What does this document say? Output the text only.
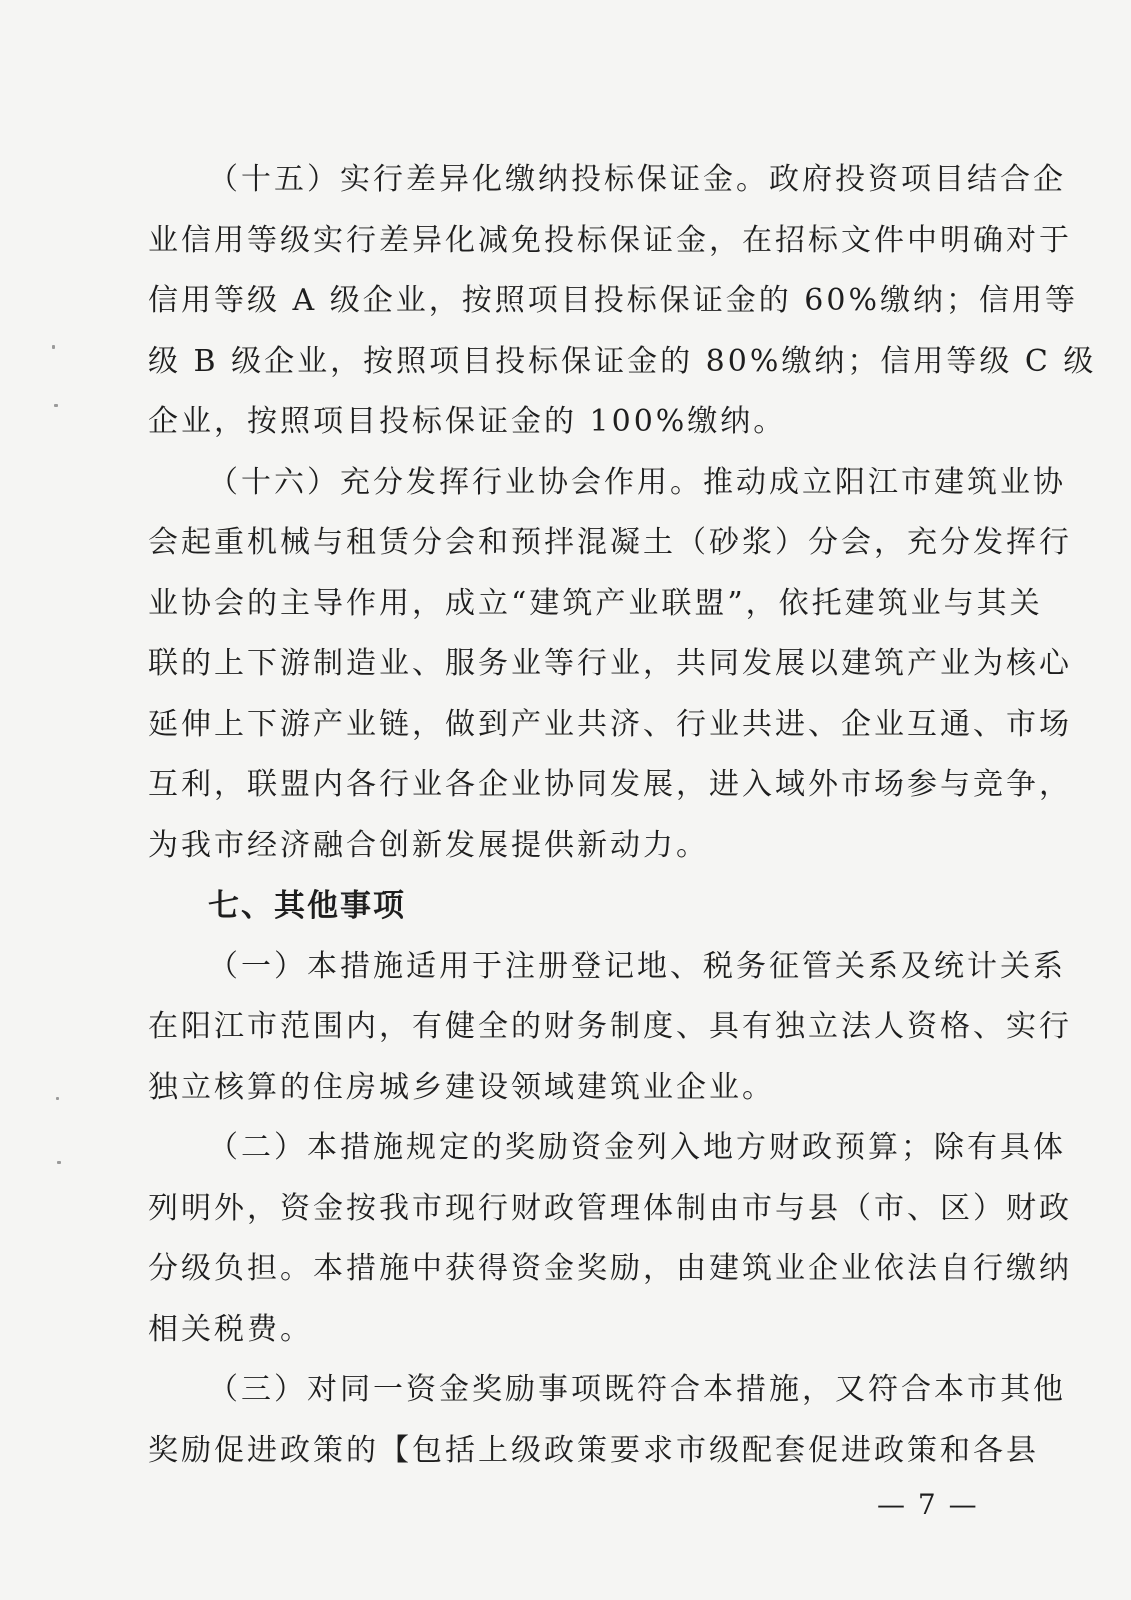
（十五）实行差异化缴纳投标保证金。政府投资项目结合企
业信用等级实行差异化减免投标保证金，在招标文件中明确对于
信用等级 A 级企业，按照项目投标保证金的 60%缴纳；信用等
级 B 级企业，按照项目投标保证金的 80%缴纳；信用等级 C 级
企业，按照项目投标保证金的 100%缴纳。
（十六）充分发挥行业协会作用。推动成立阳江市建筑业协
会起重机械与租赁分会和预拌混凝土（砂浆）分会，充分发挥行
业协会的主导作用，成立“建筑产业联盟”，依托建筑业与其关
联的上下游制造业、服务业等行业，共同发展以建筑产业为核心
延伸上下游产业链，做到产业共济、行业共进、企业互通、市场
互利，联盟内各行业各企业协同发展，进入域外市场参与竞争，
为我市经济融合创新发展提供新动力。
七、其他事项
（一）本措施适用于注册登记地、税务征管关系及统计关系
在阳江市范围内，有健全的财务制度、具有独立法人资格、实行
独立核算的住房城乡建设领域建筑业企业。
（二）本措施规定的奖励资金列入地方财政预算；除有具体
列明外，资金按我市现行财政管理体制由市与县（市、区）财政
分级负担。本措施中获得资金奖励，由建筑业企业依法自行缴纳
相关税费。
（三）对同一资金奖励事项既符合本措施，又符合本市其他
奖励促进政策的【包括上级政策要求市级配套促进政策和各县
— 7 —
